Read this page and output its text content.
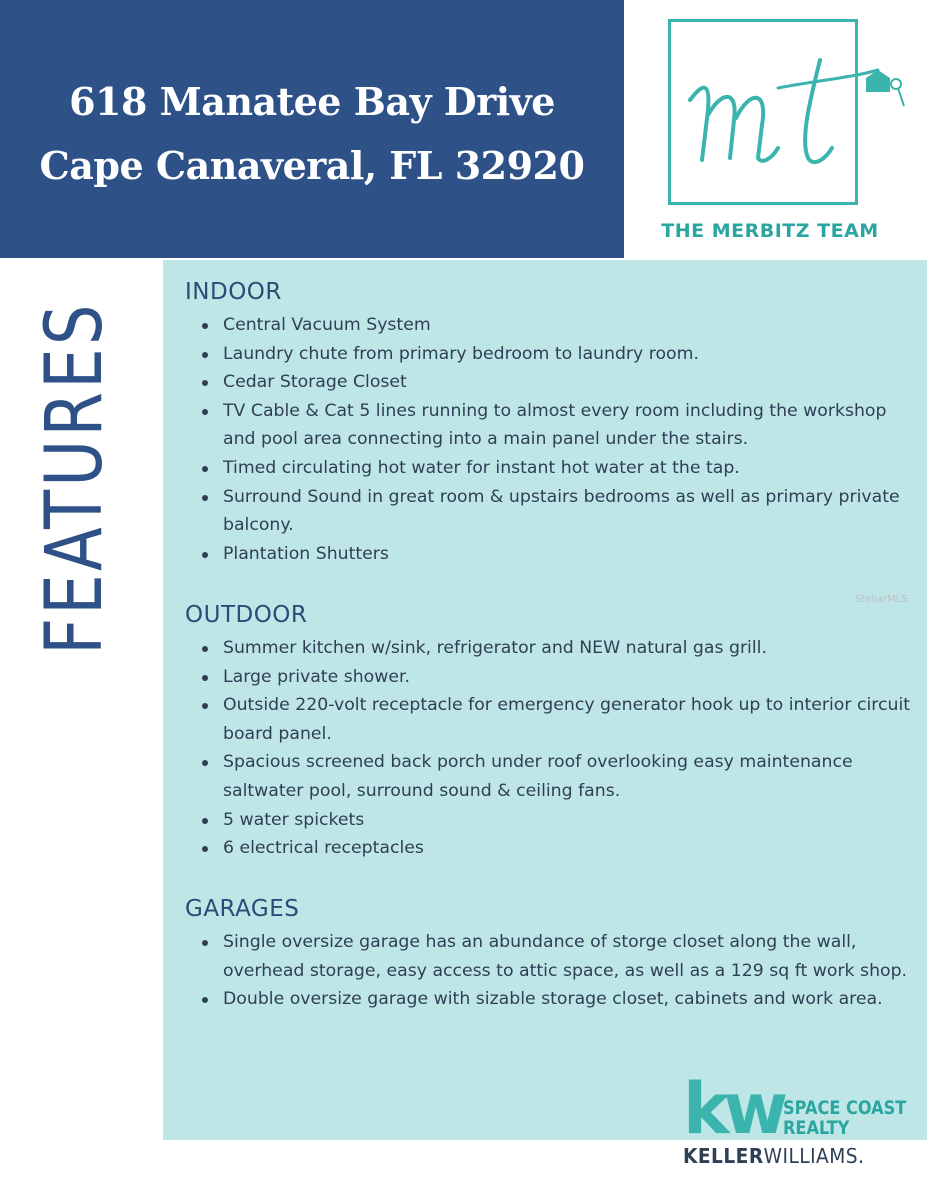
618 Manatee Bay Drive
Cape Canaveral, FL 32920
THE MERBITZ TEAM
FEATURES
INDOOR
Central Vacuum System
Laundry chute from primary bedroom to laundry room.
Cedar Storage Closet
TV Cable & Cat 5 lines running to almost every room including the workshop and pool area connecting into a main panel under the stairs.
Timed circulating hot water for instant hot water at the tap.
Surround Sound in great room & upstairs bedrooms as well as primary private balcony.
Plantation Shutters
StellarMLS
OUTDOOR
Summer kitchen w/sink, refrigerator and NEW natural gas grill.
Large private shower.
Outside 220-volt receptacle for emergency generator hook up to interior circuit board panel.
Spacious screened back porch under roof overlooking easy maintenance saltwater pool, surround sound & ceiling fans.
5 water spickets
6 electrical receptacles
GARAGES
Single oversize garage has an abundance of storge closet along the wall, overhead storage, easy access to attic space, as well as a 129 sq ft work shop.
Double oversize garage with sizable storage closet, cabinets and work area.
kw SPACE COAST
REALTY
KELLERWILLIAMS.
